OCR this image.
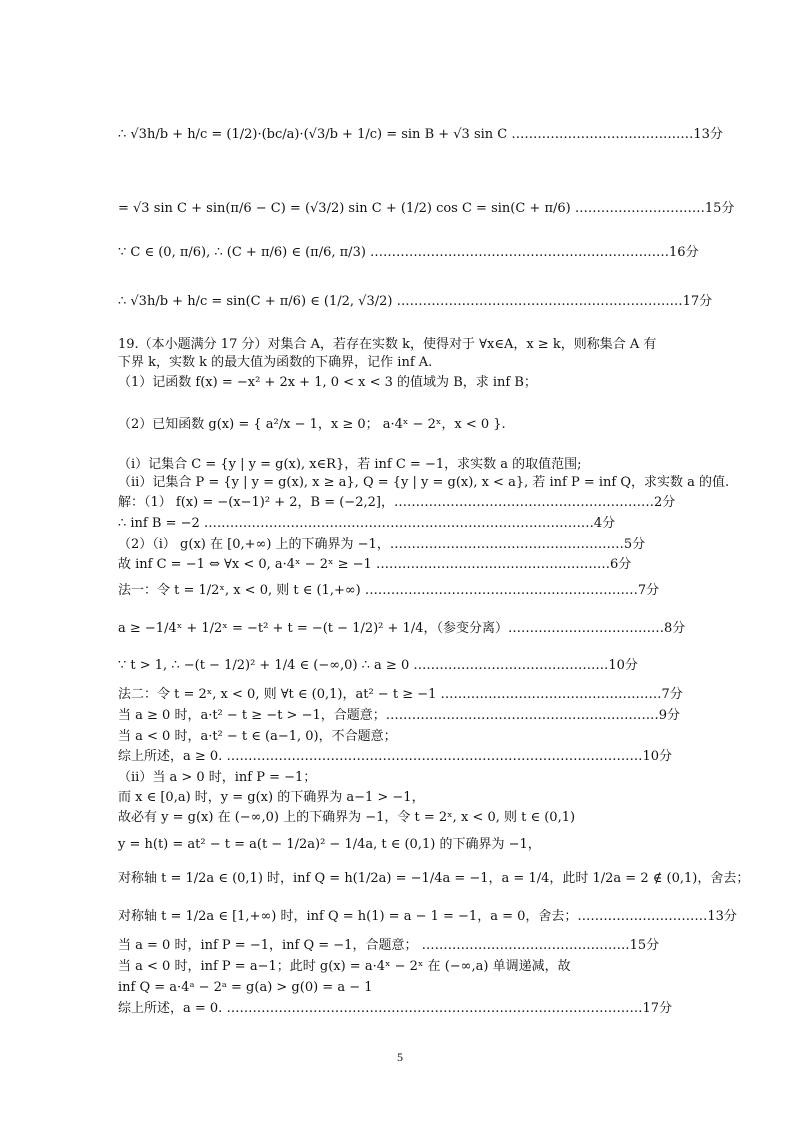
∴ √3h/b + h/c = (1/2)·(bc/a)·(√3/b + 1/c) = sin B + √3 sin C ……………………………………13分
= √3 sin C + sin(π/6 − C) = (√3/2) sin C + (1/2) cos C = sin(C + π/6) …………………………15分
∵ C ∈ (0, π/6), ∴ (C + π/6) ∈ (π/6, π/3) ……………………………………………………………16分
∴ √3h/b + h/c = sin(C + π/6) ∈ (1/2, √3/2) …………………………………………………………17分
19.（本小题满分 17 分）对集合 A，若存在实数 k，使得对于 ∀x∈A，x ≥ k，则称集合 A 有
下界 k，实数 k 的最大值为函数的下确界，记作 inf A.
（1）记函数 f(x) = −x² + 2x + 1, 0 < x < 3 的值域为 B，求 inf B；
（2）已知函数 g(x) = { a²/x − 1，x ≥ 0； a·4ˣ − 2ˣ，x < 0 }.
（i）记集合 C = {y | y = g(x), x∈R}，若 inf C = −1，求实数 a 的取值范围;
（ii）记集合 P = {y | y = g(x), x ≥ a}, Q = {y | y = g(x), x < a}, 若 inf P = inf Q，求实数 a 的值.
解：（1） f(x) = −(x−1)² + 2，B = (−2,2]，……………………………………………………2分
∴ inf B = −2 ………………………………………………………………………………4分
（2）（i） g(x) 在 [0,+∞) 上的下确界为 −1，………………………………………………5分
故 inf C = −1 ⇔ ∀x < 0, a·4ˣ − 2ˣ ≥ −1 ………………………………………………6分
法一：令 t = 1/2ˣ, x < 0, 则 t ∈ (1,+∞) ………………………………………………………7分
a ≥ −1/4ˣ + 1/2ˣ = −t² + t = −(t − 1/2)² + 1/4，（参变分离）………………………………8分
∵ t > 1, ∴ −(t − 1/2)² + 1/4 ∈ (−∞,0) ∴ a ≥ 0 ………………………………………10分
法二：令 t = 2ˣ, x < 0, 则 ∀t ∈ (0,1)，at² − t ≥ −1 ……………………………………………7分
当 a ≥ 0 时，a·t² − t ≥ −t > −1，合题意；………………………………………………………9分
当 a < 0 时，a·t² − t ∈ (a−1, 0)，不合题意；
综上所述，a ≥ 0. ……………………………………………………………………………………10分
（ii）当 a > 0 时，inf P = −1；
而 x ∈ [0,a) 时，y = g(x) 的下确界为 a−1 > −1，
故必有 y = g(x) 在 (−∞,0) 上的下确界为 −1，令 t = 2ˣ, x < 0, 则 t ∈ (0,1)
y = h(t) = at² − t = a(t − 1/2a)² − 1/4a, t ∈ (0,1) 的下确界为 −1，
对称轴 t = 1/2a ∈ (0,1) 时，inf Q = h(1/2a) = −1/4a = −1，a = 1/4，此时 1/2a = 2 ∉ (0,1)，舍去；
对称轴 t = 1/2a ∈ [1,+∞) 时，inf Q = h(1) = a − 1 = −1，a = 0，舍去；…………………………13分
当 a = 0 时，inf P = −1，inf Q = −1，合题意； …………………………………………15分
当 a < 0 时，inf P = a−1；此时 g(x) = a·4ˣ − 2ˣ 在 (−∞,a) 单调递减，故
inf Q = a·4ᵃ − 2ᵃ = g(a) > g(0) = a − 1
综上所述，a = 0. ……………………………………………………………………………………17分
5
